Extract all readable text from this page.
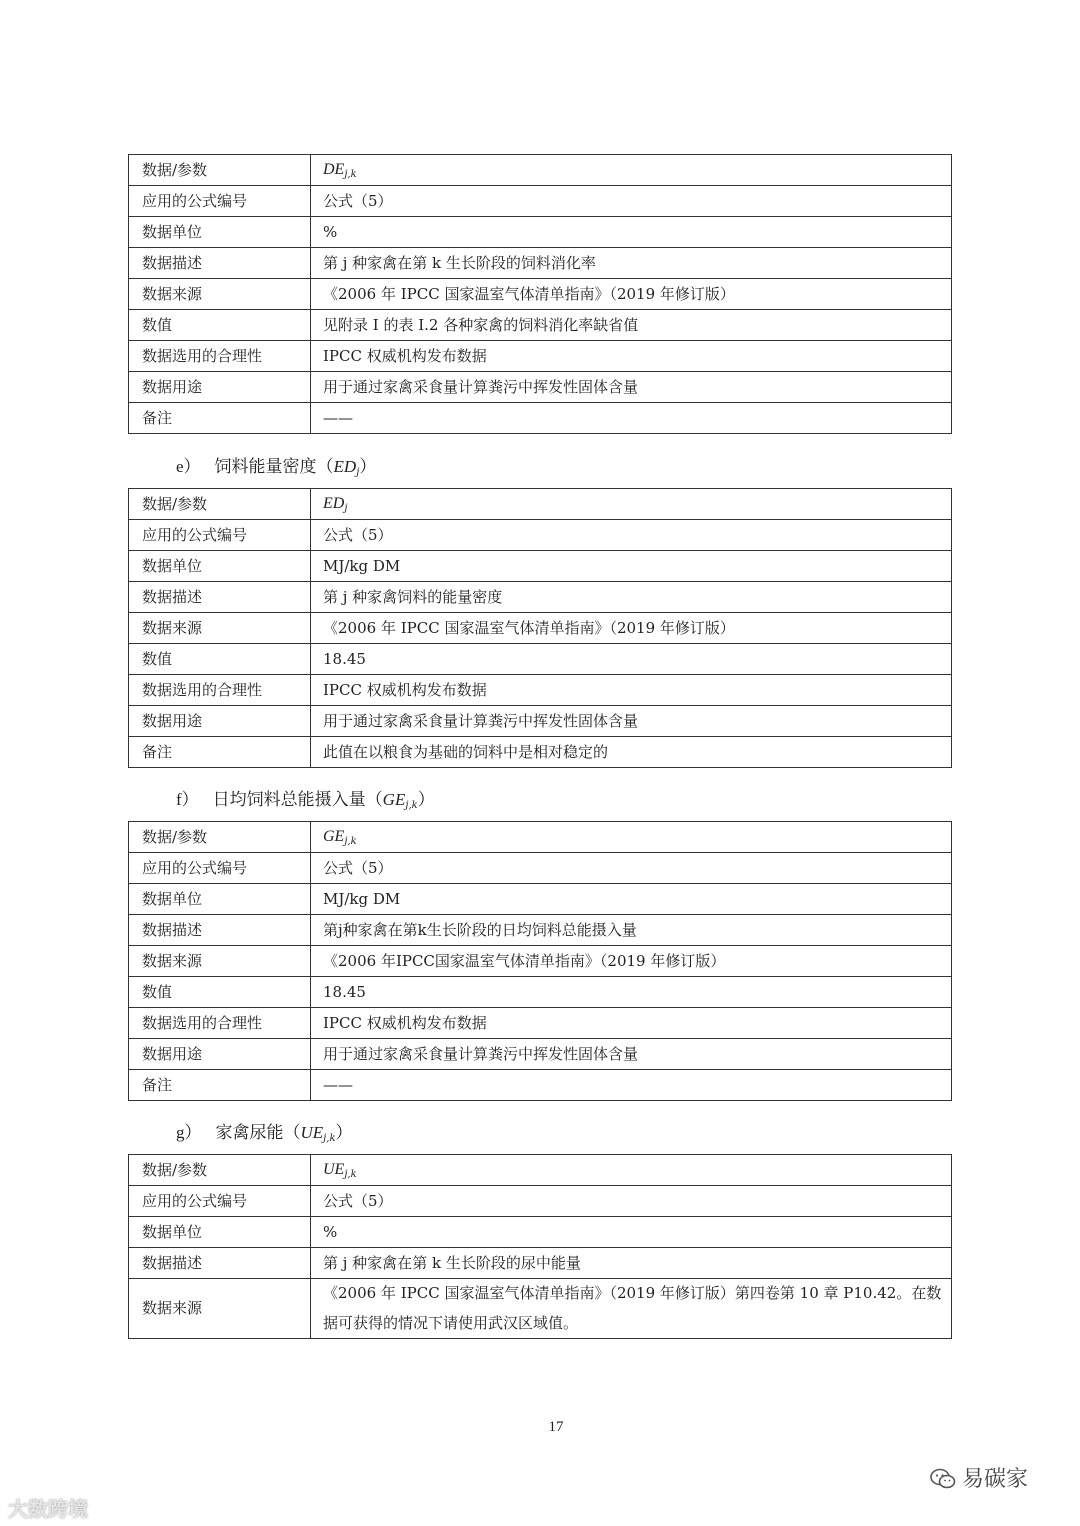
数据/参数	$DE_{j,k}$
应用的公式编号	公式（5）
数据单位	%
数据描述	第 j 种家禽在第 k 生长阶段的饲料消化率
数据来源	《2006 年 IPCC 国家温室气体清单指南》（2019 年修订版）
数值	见附录 I 的表 I.2 各种家禽的饲料消化率缺省值
数据选用的合理性	IPCC 权威机构发布数据
数据用途	用于通过家禽采食量计算粪污中挥发性固体含量
备注	——
e） 饲料能量密度$(ED_j)$
数据/参数	$ED_j$
应用的公式编号	公式（5）
数据单位	MJ/kg DM
数据描述	第 j 种家禽饲料的能量密度
数据来源	《2006 年 IPCC 国家温室气体清单指南》（2019 年修订版）
数值	18.45
数据选用的合理性	IPCC 权威机构发布数据
数据用途	用于通过家禽采食量计算粪污中挥发性固体含量
备注	此值在以粮食为基础的饲料中是相对稳定的
f） 日均饲料总能摄入量$(GE_{j,k})$
数据/参数	$GE_{j,k}$
应用的公式编号	公式（5）
数据单位	MJ/kg DM
数据描述	第j种家禽在第k生长阶段的日均饲料总能摄入量
数据来源	《2006 年IPCC国家温室气体清单指南》（2019 年修订版）
数值	18.45
数据选用的合理性	IPCC 权威机构发布数据
数据用途	用于通过家禽采食量计算粪污中挥发性固体含量
备注	——
g） 家禽尿能$(UE_{j,k})$
数据/参数	$UE_{j,k}$
应用的公式编号	公式（5）
数据单位	%
数据描述	第 j 种家禽在第 k 生长阶段的尿中能量
数据来源	《2006 年 IPCC 国家温室气体清单指南》（2019 年修订版）第四卷第 10 章 P10.42。在数据可获得的情况下请使用武汉区域值。
17
大数跨境
易碳家
